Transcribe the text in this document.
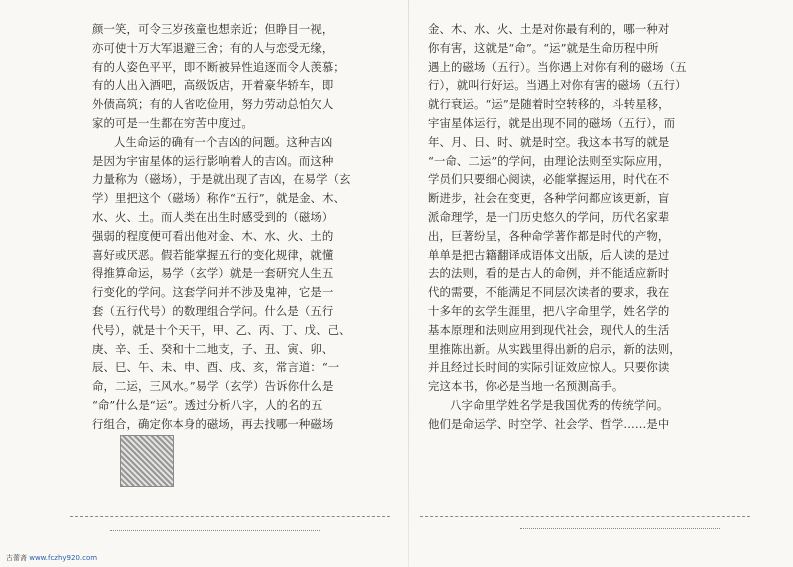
颜一笑，可令三岁孩童也想亲近；但睁目一视，
亦可使十万大军退避三舍；有的人与恋受无缘，
有的人姿色平平，即不断被异性追逐而令人羡慕；
有的人出入酒吧，高级饭店，开着豪华轿车，即
外债高筑；有的人省吃俭用，努力劳动总怕欠人
家的可是一生都在穷苦中度过。
人生命运的确有一个吉凶的问题。这种吉凶
是因为宇宙星体的运行影响着人的吉凶。而这种
力量称为（磁场），于是就出现了吉凶，在易学（玄
学）里把这个（磁场）称作“五行”，就是金、木、
水、火、土。而人类在出生时感受到的（磁场）
强弱的程度便可看出他对金、木、水、火、土的
喜好或厌恶。假若能掌握五行的变化规律，就懂
得推算命运，易学（玄学）就是一套研究人生五
行变化的学问。这套学问并不涉及鬼神，它是一
套（五行代号）的数理组合学问。什么是（五行
代号），就是十个天干，甲、乙、丙、丁、戊、己、
庚、辛、壬、癸和十二地支，子、丑、寅、卯、
辰、巳、午、未、申、酉、戌、亥，常言道：“一
命，二运，三风水。”易学（玄学）告诉你什么是
“命”什么是“运”。透过分析八字，人的名的五
行组合，确定你本身的磁场，再去找哪一种磁场
金、木、水、火、土是对你最有利的，哪一种对
你有害，这就是“命”。“运”就是生命历程中所
遇上的磁场（五行）。当你遇上对你有利的磁场（五
行），就叫行好运。当遇上对你有害的磁场（五行）
就行衰运。“运”是随着时空转移的，斗转星移，
宇宙星体运行，就是出现不同的磁场（五行），而
年、月、日、时、就是时空。我这本书写的就是
“一命、二运”的学问，由理论法则至实际应用，
学员们只要细心阅读，必能掌握运用，时代在不
断进步，社会在变更，各种学问都应该更新，盲
派命理学，是一门历史悠久的学问，历代名家辈
出，巨著纷呈，各种命学著作都是时代的产物，
单单是把古籍翻译成语体文出版，后人读的是过
去的法则，看的是古人的命例，并不能适应新时
代的需要，不能满足不同层次读者的要求，我在
十多年的玄学生涯里，把八字命里学，姓名学的
基本原理和法则应用到现代社会，现代人的生活
里推陈出新。从实践里得出新的启示，新的法则，
并且经过长时间的实际引证效应惊人。只要你读
完这本书，你必是当地一名预测高手。
八字命里学姓名学是我国优秀的传统学问。
他们是命运学、时空学、社会学、哲学……是中
古蕾斋 www.fczhy920.com
